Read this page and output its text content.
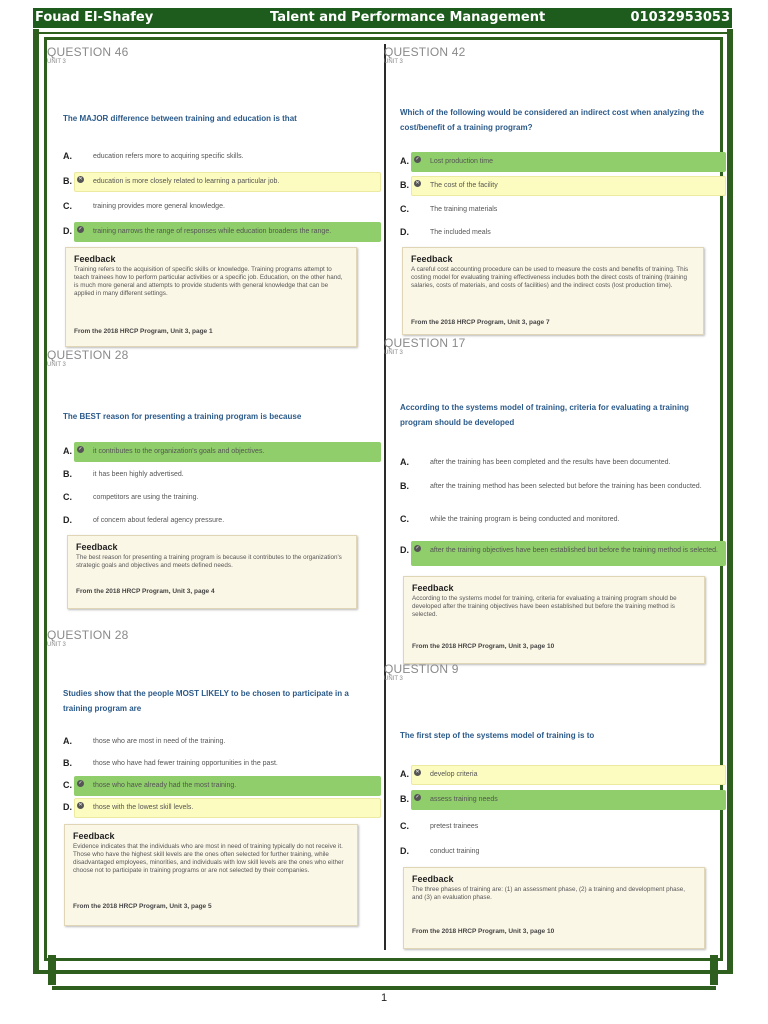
Fouad El-Shafey	Talent and Performance Management	01032953053
QUESTION 46
UNIT 3
The MAJOR difference between training and education is that
A.	education refers more to acquiring specific skills.
B. ✕ education is more closely related to learning a particular job.
C.	training provides more general knowledge.
D. ✓ training narrows the range of responses while education broadens the range.
Feedback
Training refers to the acquisition of specific skills or knowledge. Training programs attempt to teach trainees how to perform particular activities or a specific job. Education, on the other hand, is much more general and attempts to provide students with general knowledge that can be applied in many different settings.
From the 2018 HRCP Program, Unit 3, page 1
QUESTION 42
UNIT 3
Which of the following would be considered an indirect cost when analyzing the cost/benefit of a training program?
A. ✓ Lost production time
B. ✕ The cost of the facility
C.	The training materials
D.	The included meals
Feedback
A careful cost accounting procedure can be used to measure the costs and benefits of training. This costing model for evaluating training effectiveness includes both the direct costs of training (training salaries, costs of materials, and costs of facilities) and the indirect costs (lost production time).
From the 2018 HRCP Program, Unit 3, page 7
QUESTION 28
UNIT 3
The BEST reason for presenting a training program is because
A. ✓ it contributes to the organization's goals and objectives.
B.	it has been highly advertised.
C.	competitors are using the training.
D.	of concern about federal agency pressure.
Feedback
The best reason for presenting a training program is because it contributes to the organization's strategic goals and objectives and meets defined needs.
From the 2018 HRCP Program, Unit 3, page 4
QUESTION 17
UNIT 3
According to the systems model of training, criteria for evaluating a training program should be developed
A.	after the training has been completed and the results have been documented.
B.	after the training method has been selected but before the training has been conducted.
C.	while the training program is being conducted and monitored.
D. ✓ after the training objectives have been established but before the training method is selected.
Feedback
According to the systems model for training, criteria for evaluating a training program should be developed after the training objectives have been established but before the training method is selected.
From the 2018 HRCP Program, Unit 3, page 10
QUESTION 28
UNIT 3
Studies show that the people MOST LIKELY to be chosen to participate in a training program are
A.	those who are most in need of the training.
B.	those who have had fewer training opportunities in the past.
C. ✓ those who have already had the most training.
D. ✕ those with the lowest skill levels.
Feedback
Evidence indicates that the individuals who are most in need of training typically do not receive it. Those who have the highest skill levels are the ones often selected for further training, while disadvantaged employees, minorities, and individuals with low skill levels are the ones who either choose not to participate in training programs or are not selected by their companies.
From the 2018 HRCP Program, Unit 3, page 5
QUESTION 9
UNIT 3
The first step of the systems model of training is to
A. ✕ develop criteria
B. ✓ assess training needs
C.	pretest trainees
D.	conduct training
Feedback
The three phases of training are: (1) an assessment phase, (2) a training and development phase, and (3) an evaluation phase.
From the 2018 HRCP Program, Unit 3, page 10
1
